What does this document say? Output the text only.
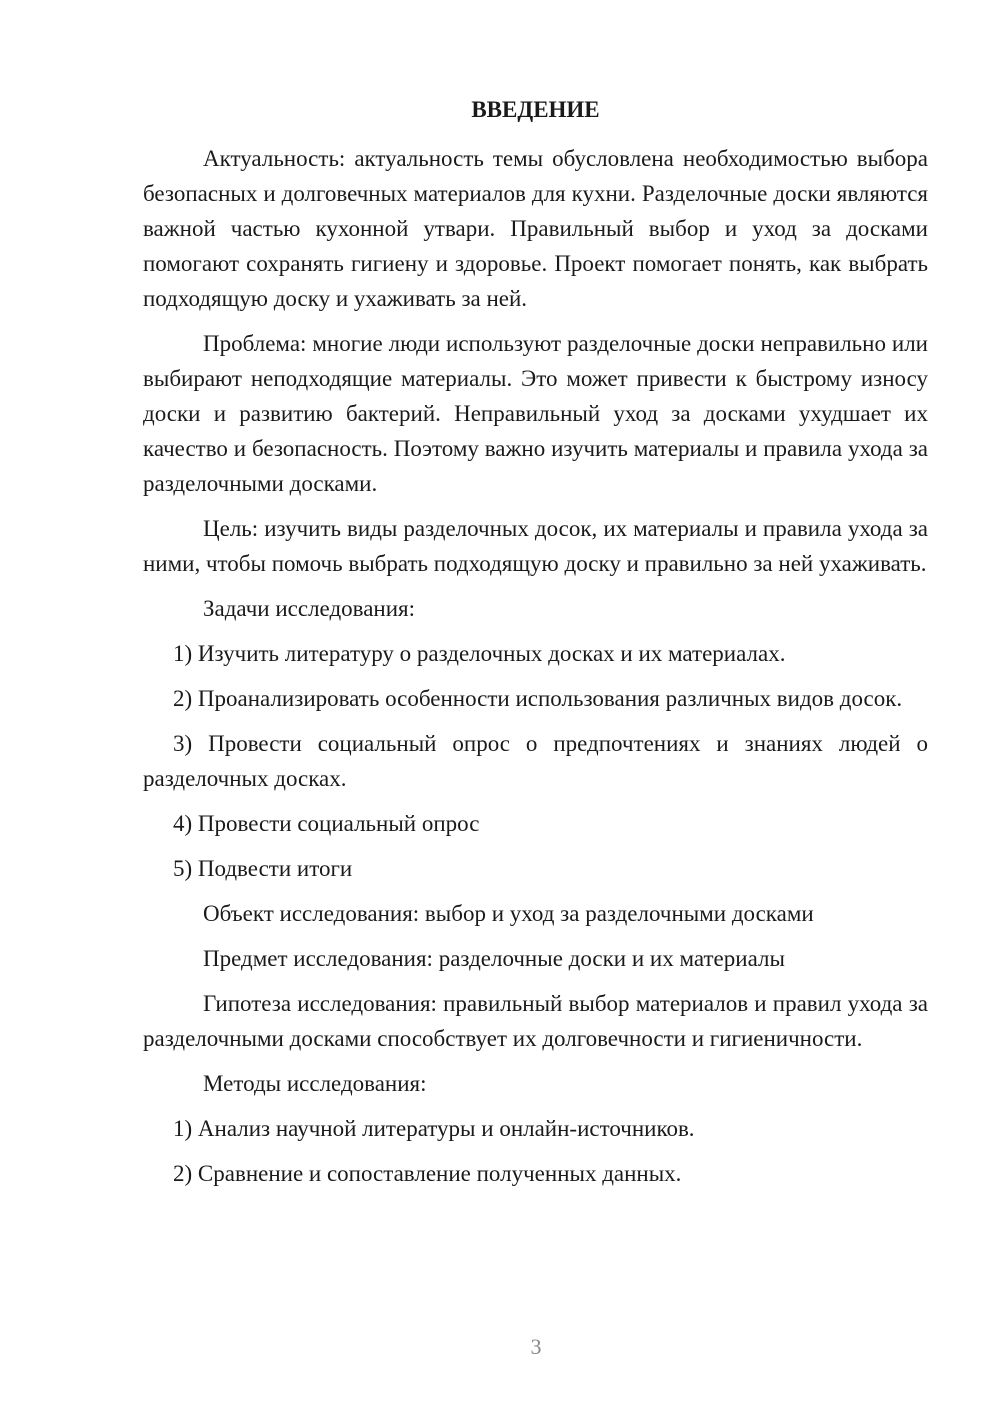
ВВЕДЕНИЕ

Актуальность: актуальность темы обусловлена необходимостью выбора безопасных и долговечных материалов для кухни. Разделочные доски являются важной частью кухонной утвари. Правильный выбор и уход за досками помогают сохранять гигиену и здоровье. Проект помогает понять, как выбрать подходящую доску и ухаживать за ней.

Проблема: многие люди используют разделочные доски неправильно или выбирают неподходящие материалы. Это может привести к быстрому износу доски и развитию бактерий. Неправильный уход за досками ухудшает их качество и безопасность. Поэтому важно изучить материалы и правила ухода за разделочными досками.

Цель: изучить виды разделочных досок, их материалы и правила ухода за ними, чтобы помочь выбрать подходящую доску и правильно за ней ухаживать.

Задачи исследования:

1) Изучить литературу о разделочных досках и их материалах.

2) Проанализировать особенности использования различных видов досок.

3) Провести социальный опрос о предпочтениях и знаниях людей о разделочных досках.

4) Провести социальный опрос

5) Подвести итоги

Объект исследования: выбор и уход за разделочными досками

Предмет исследования: разделочные доски и их материалы

Гипотеза исследования: правильный выбор материалов и правил ухода за разделочными досками способствует их долговечности и гигиеничности.

Методы исследования:

1) Анализ научной литературы и онлайн-источников.

2) Сравнение и сопоставление полученных данных.

3
